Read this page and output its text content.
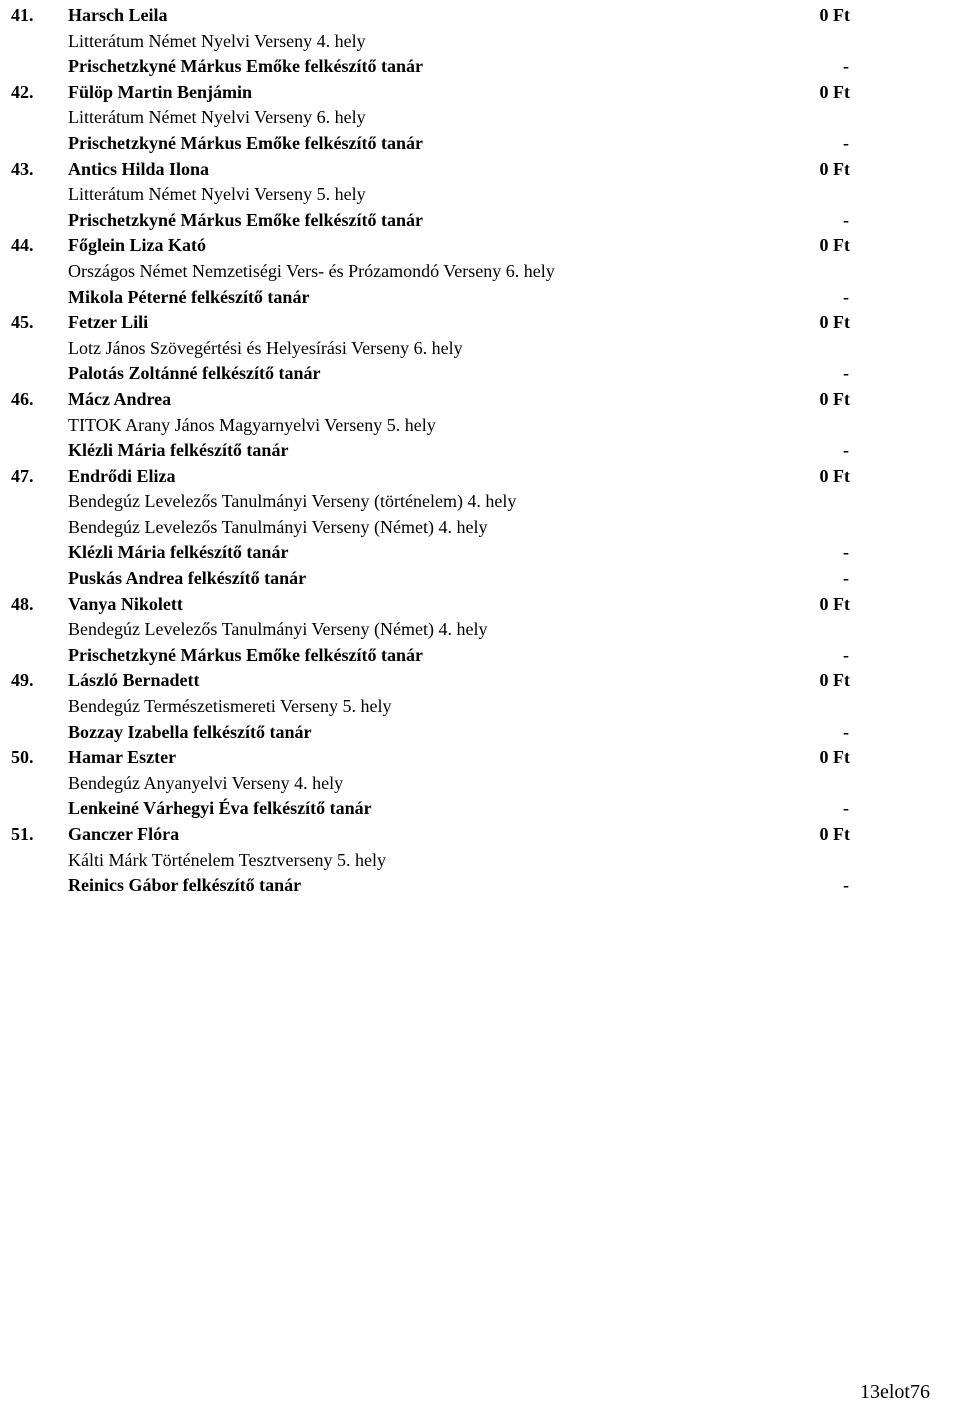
41. Harsch Leila	0 Ft
Litterátum Német Nyelvi Verseny 4. hely
Prischetzkyné Márkus Emőke felkészítő tanár	-
42. Fülöp Martin Benjámin	0 Ft
Litterátum Német Nyelvi Verseny 6. hely
Prischetzkyné Márkus Emőke felkészítő tanár	-
43. Antics Hilda Ilona	0 Ft
Litterátum Német Nyelvi Verseny 5. hely
Prischetzkyné Márkus Emőke felkészítő tanár	-
44. Főglein Liza Kató	0 Ft
Országos Német Nemzetiségi Vers- és Prózamondó Verseny 6. hely
Mikola Péterné felkészítő tanár	-
45. Fetzer Lili	0 Ft
Lotz János Szövegértési és Helyesírási Verseny 6. hely
Palotás Zoltánné felkészítő tanár	-
46. Mácz Andrea	0 Ft
TITOK Arany János Magyarnyelvi Verseny 5. hely
Klézli Mária felkészítő tanár	-
47. Endrődi Eliza	0 Ft
Bendegúz Levelezős Tanulmányi Verseny (történelem) 4. hely
Bendegúz Levelezős Tanulmányi Verseny (Német) 4. hely
Klézli Mária felkészítő tanár	-
Puskás Andrea felkészítő tanár	-
48. Vanya Nikolett	0 Ft
Bendegúz Levelezős Tanulmányi Verseny (Német) 4. hely
Prischetzkyné Márkus Emőke felkészítő tanár	-
49. László Bernadett	0 Ft
Bendegúz Természetismereti Verseny 5. hely
Bozzay Izabella felkészítő tanár	-
50. Hamar Eszter	0 Ft
Bendegúz Anyanyelvi Verseny 4. hely
Lenkeiné Várhegyi Éva felkészítő tanár	-
51. Ganczer Flóra	0 Ft
Kálti Márk Történelem Tesztverseny 5. hely
Reinics Gábor felkészítő tanár	-
13elot76
